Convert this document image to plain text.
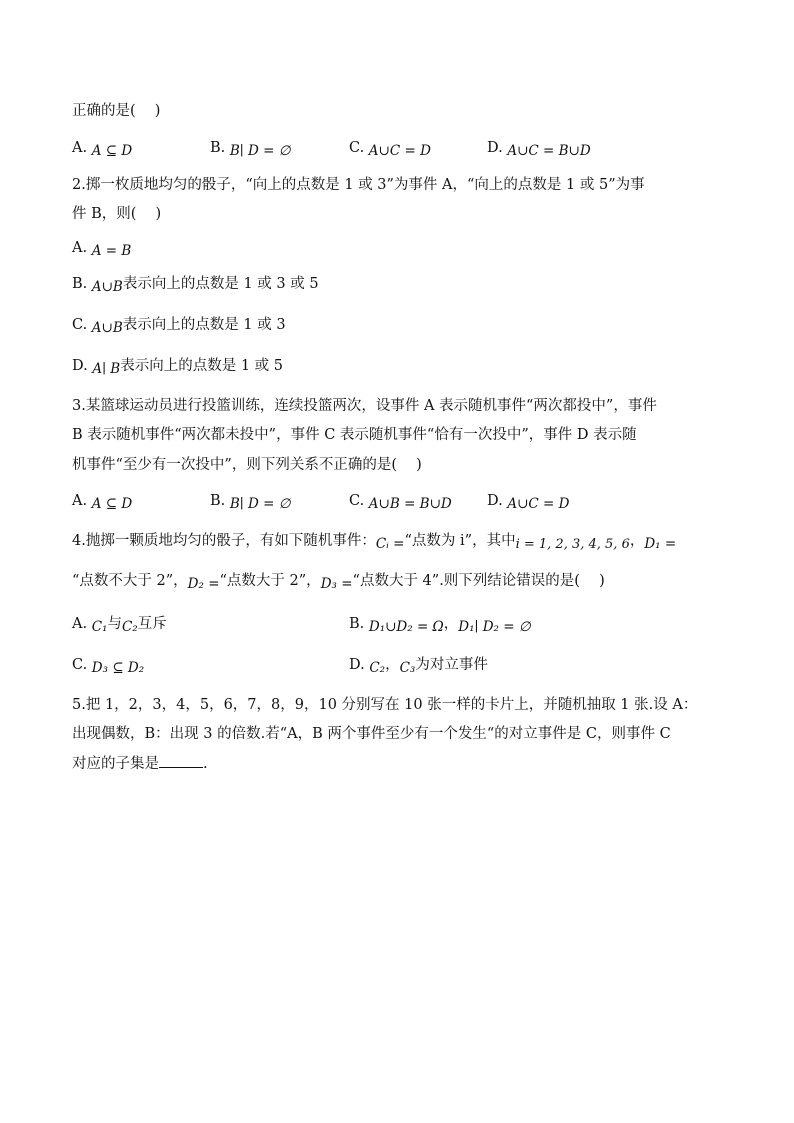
正确的是(  )
A. A ⊆ D	B. B∣ D = ∅	C. A∪C = D	D. A∪C = B∪D
2.掷一枚质地均匀的骰子，“向上的点数是 1 或 3”为事件 A，“向上的点数是 1 或 5”为事
件 B，则(  )
A. A = B
B. A∪B表示向上的点数是 1 或 3 或 5
C. A∪B表示向上的点数是 1 或 3
D. A∣ B表示向上的点数是 1 或 5
3.某篮球运动员进行投篮训练，连续投篮两次，设事件 A 表示随机事件“两次都投中”，事件
B 表示随机事件“两次都未投中”，事件 C 表示随机事件“恰有一次投中”，事件 D 表示随
机事件“至少有一次投中”，则下列关系不正确的是(  )
A. A ⊆ D	B. B∣ D = ∅	C. A∪B = B∪D D. A∪C = D
4.抛掷一颗质地均匀的骰子，有如下随机事件：Cᵢ =“点数为 i”，其中i = 1, 2, 3, 4, 5, 6，D₁ =
“点数不大于 2”，D₂ =“点数大于 2”，D₃ =“点数大于 4”.则下列结论错误的是(  )
A. C₁与C₂互斥	B. D₁∪D₂ = Ω，D₁∣ D₂ = ∅
C. D₃ ⊆ D₂	D. C₂，C₃为对立事件
5.把 1，2，3，4，5，6，7，8，9，10 分别写在 10 张一样的卡片上，并随机抽取 1 张.设 A：
出现偶数，B：出现 3 的倍数.若“A，B 两个事件至少有一个发生“的对立事件是 C，则事件 C
对应的子集是	.
